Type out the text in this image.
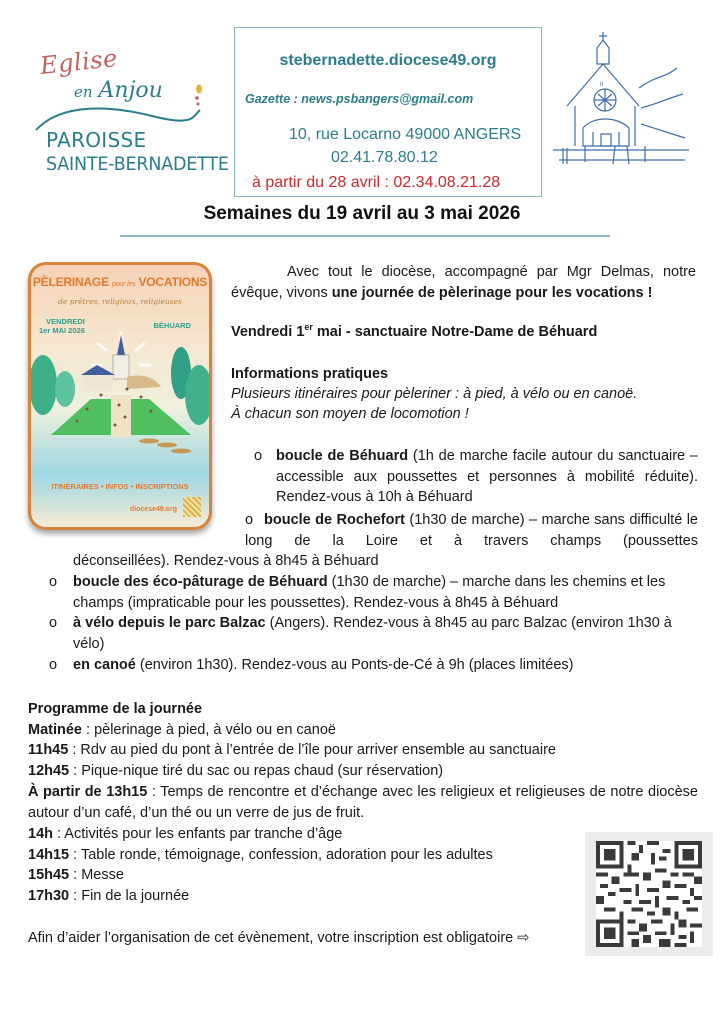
Eglise
en Anjou
PAROISSE
SAINTE-BERNADETTE
stebernadette.diocese49.org
Gazette : news.psbangers@gmail.com
10, rue Locarno 49000 ANGERS
02.41.78.80.12
à partir du 28 avril : 02.34.08.21.28
II
Semaines du 19 avril au 3 mai 2026
PÈLERINAGE pour les VOCATIONS
de prêtres, religieux, religieuses
VENDREDI
1er MAI 2026
BÉHUARD
ITINÉRAIRES • INFOS • INSCRIPTIONS
diocese49.org
Avec tout le diocèse, accompagné par Mgr Delmas, notre évêque, vivons une journée de pèlerinage pour les vocations !
Vendredi 1er mai - sanctuaire Notre-Dame de Béhuard
Informations pratiques
Plusieurs itinéraires pour pèleriner : à pied, à vélo ou en canoë.
À chacun son moyen de locomotion !
o boucle de Béhuard (1h de marche facile autour du sanctuaire – accessible aux poussettes et personnes à mobilité réduite). Rendez-vous à 10h à Béhuard
o boucle de Rochefort (1h30 de marche) – marche sans difficulté le long de la Loire et à travers champs (poussettes
déconseillées). Rendez-vous à 8h45 à Béhuard
o boucle des éco-pâturage de Béhuard (1h30 de marche) – marche dans les chemins et les champs (impraticable pour les poussettes). Rendez-vous à 8h45 à Béhuard
o à vélo depuis le parc Balzac (Angers). Rendez-vous à 8h45 au parc Balzac (environ 1h30 à vélo)
o en canoé (environ 1h30). Rendez-vous au Ponts-de-Cé à 9h (places limitées)
Programme de la journée
Matinée : pèlerinage à pied, à vélo ou en canoë
11h45 : Rdv au pied du pont à l’entrée de l’île pour arriver ensemble au sanctuaire
12h45 : Pique-nique tiré du sac ou repas chaud (sur réservation)
À partir de 13h15 : Temps de rencontre et d’échange avec les religieux et religieuses de notre diocèse autour d’un café, d’un thé ou un verre de jus de fruit.
14h : Activités pour les enfants par tranche d’âge
14h15 : Table ronde, témoignage, confession, adoration pour les adultes
15h45 : Messe
17h30 : Fin de la journée
Afin d’aider l’organisation de cet évènement, votre inscription est obligatoire ⇨
